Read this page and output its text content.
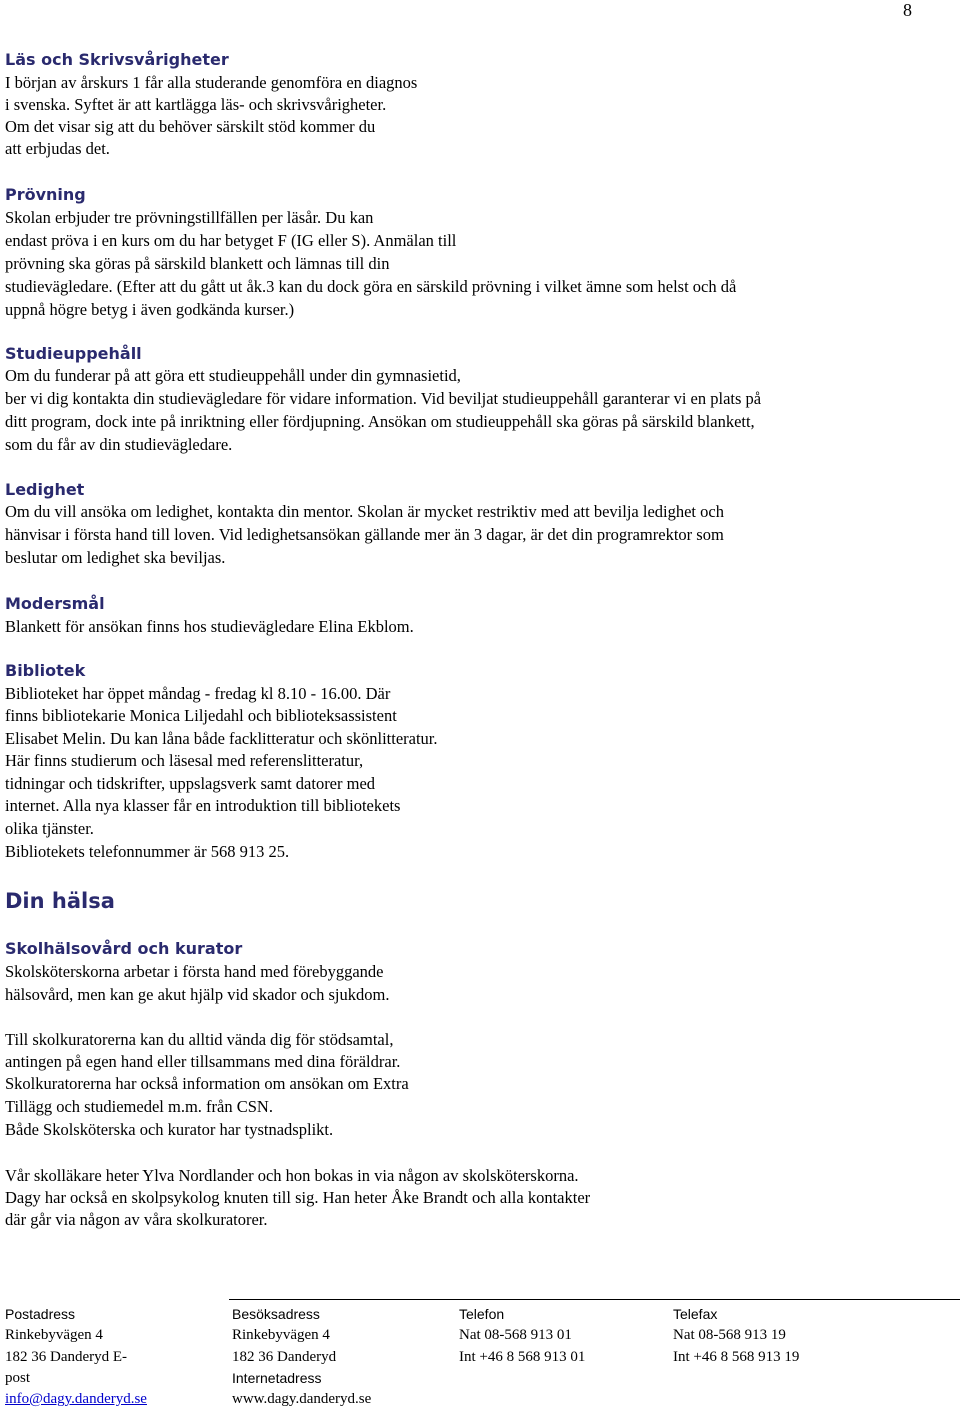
8
Läs och Skrivsvårigheter
I början av årskurs 1 får alla studerande genomföra en diagnos
i svenska. Syftet är att kartlägga läs- och skrivsvårigheter.
Om det visar sig att du behöver särskilt stöd kommer du
att erbjudas det.
Prövning
Skolan erbjuder tre prövningstillfällen per läsår. Du kan
endast pröva i en kurs om du har betyget F (IG eller S). Anmälan till
prövning ska göras på särskild blankett och lämnas till din
studievägledare. (Efter att du gått ut åk.3 kan du dock göra en särskild prövning i vilket ämne som helst och då
uppnå högre betyg i även godkända kurser.)
Studieuppehåll
Om du funderar på att göra ett studieuppehåll under din gymnasietid,
ber vi dig kontakta din studievägledare för vidare information. Vid beviljat studieuppehåll garanterar vi en plats på
ditt program, dock inte på inriktning eller fördjupning. Ansökan om studieuppehåll ska göras på särskild blankett,
som du får av din studievägledare.
Ledighet
Om du vill ansöka om ledighet, kontakta din mentor. Skolan är mycket restriktiv med att bevilja ledighet och
hänvisar i första hand till loven. Vid ledighetsansökan gällande mer än 3 dagar, är det din programrektor som
beslutar om ledighet ska beviljas.
Modersmål
Blankett för ansökan finns hos studievägledare Elina Ekblom.
Bibliotek
Biblioteket har öppet måndag - fredag kl 8.10 - 16.00. Där
finns bibliotekarie Monica Liljedahl och biblioteksassistent
Elisabet Melin. Du kan låna både facklitteratur och skönlitteratur.
Här finns studierum och läsesal med referenslitteratur,
tidningar och tidskrifter, uppslagsverk samt datorer med
internet. Alla nya klasser får en introduktion till bibliotekets
olika tjänster.
Bibliotekets telefonnummer är 568 913 25.
Din hälsa
Skolhälsovård och kurator
Skolsköterskorna arbetar i första hand med förebyggande
hälsovård, men kan ge akut hjälp vid skador och sjukdom.
Till skolkuratorerna kan du alltid vända dig för stödsamtal,
antingen på egen hand eller tillsammans med dina föräldrar.
Skolkuratorerna har också information om ansökan om Extra
Tillägg och studiemedel m.m. från CSN.
Både Skolsköterska och kurator har tystnadsplikt.
Vår skolläkare heter Ylva Nordlander och hon bokas in via någon av skolsköterskorna.
Dagy har också en skolpsykolog knuten till sig. Han heter Åke Brandt och alla kontakter
där går via någon av våra skolkuratorer.
Postadress
Rinkebyvägen 4
182 36 Danderyd E-
post
info@dagy.danderyd.se
Besöksadress
Rinkebyvägen 4
182 36 Danderyd
Internetadress
www.dagy.danderyd.se
Telefon
Nat 08-568 913 01
Int +46 8 568 913 01
Telefax
Nat 08-568 913 19
Int +46 8 568 913 19
